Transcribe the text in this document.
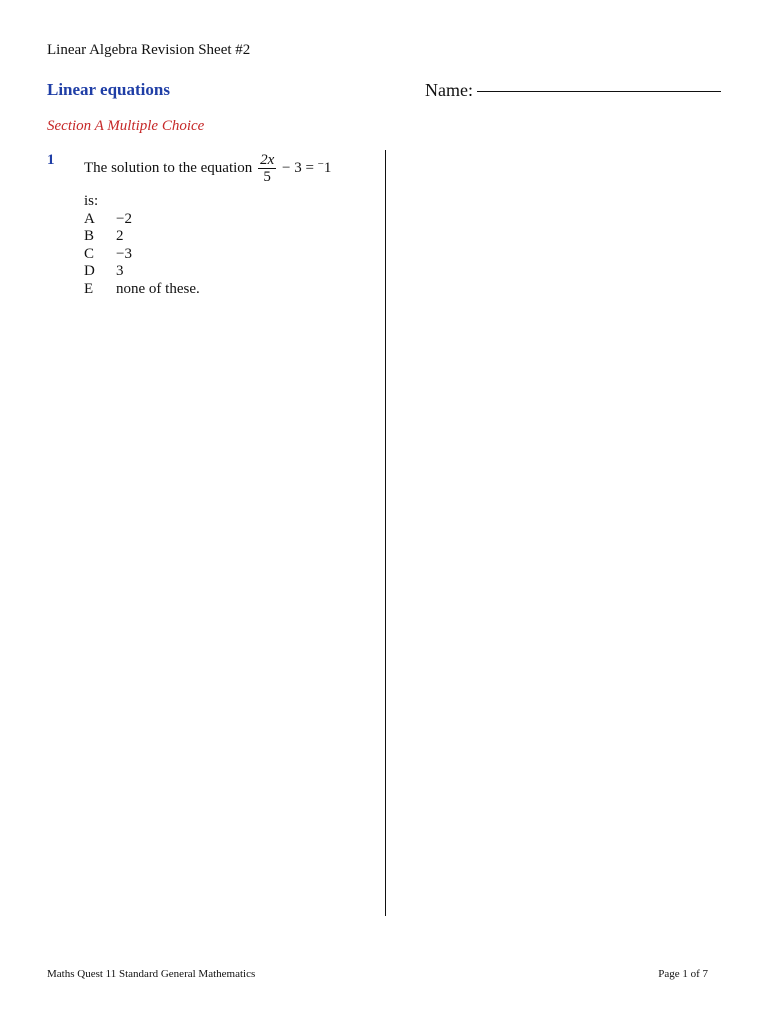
Linear Algebra Revision Sheet #2
Linear equations	Name:
Section A Multiple Choice
1 The solution to the equation $\frac{2x}{5} - 3 = ^-1$
is:
A	−2
B	2
C	−3
D	3
E	none of these.
Maths Quest 11 Standard General Mathematics	Page 1 of 7
